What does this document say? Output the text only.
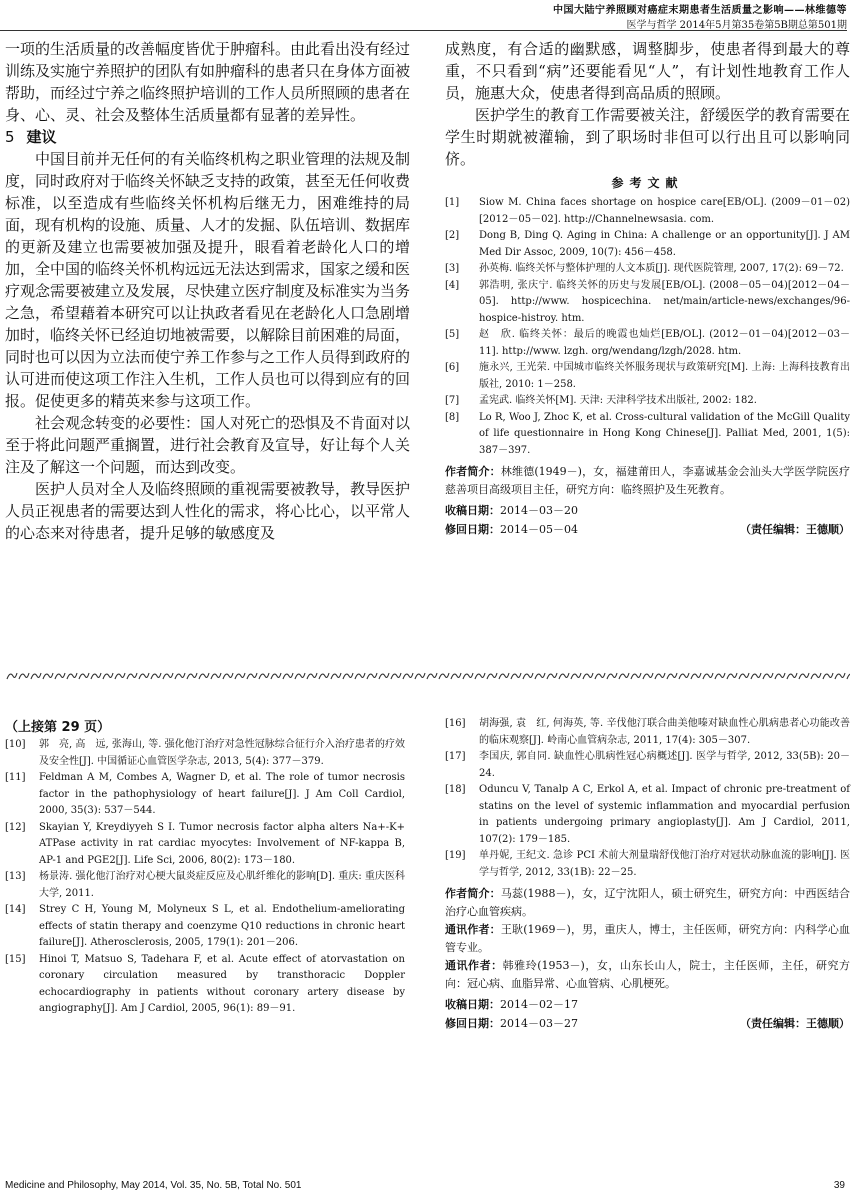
中国大陆宁养照顾对癌症末期患者生活质量之影响——林维德等
医学与哲学 2014年5月第35卷第5B期总第501期

一项的生活质量的改善幅度皆优于肿瘤科。由此看出没有经过训练及实施宁养照护的团队有如肿瘤科的患者只在身体方面被帮助，而经过宁养之临终照护培训的工作人员所照顾的患者在身、心、灵、社会及整体生活质量都有显著的差异性。

5 建议

中国目前并无任何的有关临终机构之职业管理的法规及制度，同时政府对于临终关怀缺乏支持的政策，甚至无任何收费标准，以至造成有些临终关怀机构后继无力，困难维持的局面，现有机构的设施、质量、人才的发掘、队伍培训、数据库的更新及建立也需要被加强及提升，眼看着老龄化人口的增加，全中国的临终关怀机构远远无法达到需求，国家之缓和医疗观念需要被建立及发展，尽快建立医疗制度及标准实为当务之急，希望藉着本研究可以让执政者看见在老龄化人口急剧增加时，临终关怀已经迫切地被需要，以解除目前困难的局面，同时也可以因为立法而使宁养工作参与之工作人员得到政府的认可进而使这项工作注入生机，工作人员也可以得到应有的回报。促使更多的精英来参与这项工作。

社会观念转变的必要性：国人对死亡的恐惧及不肯面对以至于将此问题严重搁置，进行社会教育及宣导，好让每个人关注及了解这一个问题，而达到改变。

医护人员对全人及临终照顾的重视需要被教导，教导医护人员正视患者的需要达到人性化的需求，将心比心，以平常人的心态来对待患者，提升足够的敏感度及

成熟度，有合适的幽默感，调整脚步，使患者得到最大的尊重，不只看到“病”还要能看见“人”，有计划性地教育工作人员，施惠大众，使患者得到高品质的照顾。

医护学生的教育工作需要被关注，舒缓医学的教育需要在学生时期就被灌输，到了职场时非但可以行出且可以影响同侪。

参考文献
[1]	Siow M. China faces shortage on hospice care[EB/OL]. (2009－01－02)[2012－05－02]. http://Channelnewsasia. com.
[2]	Dong B, Ding Q. Aging in China: A challenge or an opportunity[J]. J AM Med Dir Assoc, 2009, 10(7): 456－458.
[3]	孙英梅. 临终关怀与整体护理的人文本质[J]. 现代医院管理, 2007, 17(2): 69－72.
[4]	郭浩明, 张庆宁. 临终关怀的历史与发展[EB/OL]. (2008－05－04)[2012－04－05]. http://www. hospicechina. net/main/article-news/exchanges/96-hospice-histroy. htm.
[5]	赵　欣. 临终关怀：最后的晚霞也灿烂[EB/OL]. (2012－01－04)[2012－03－11]. http://www. lzgh. org/wendang/lzgh/2028. htm.
[6]	施永兴, 王光荣. 中国城市临终关怀服务现状与政策研究[M]. 上海: 上海科技教育出版社, 2010: 1－258.
[7]	孟宪武. 临终关怀[M]. 天津: 天津科学技术出版社, 2002: 182.
[8]	Lo R, Woo J, Zhoc K, et al. Cross-cultural validation of the McGill Quality of life questionnaire in Hong Kong Chinese[J]. Palliat Med, 2001, 1(5): 387－397.
作者简介：林维德(1949－)，女，福建莆田人，李嘉诚基金会汕头大学医学院医疗慈善项目高级项目主任，研究方向：临终照护及生死教育。
收稿日期：2014－03－20
修回日期：2014－05－04	（责任编辑：王德顺）
（上接第 29 页）
[10]	郭　亮, 高　远, 张海山, 等. 强化他汀治疗对急性冠脉综合征行介入治疗患者的疗效及安全性[J]. 中国循证心血管医学杂志, 2013, 5(4): 377－379.
[11]	Feldman A M, Combes A, Wagner D, et al. The role of tumor necrosis factor in the pathophysiology of heart failure[J]. J Am Coll Cardiol, 2000, 35(3): 537－544.
[12]	Skayian Y, Kreydiyyeh S I. Tumor necrosis factor alpha alters Na+-K+ ATPase activity in rat cardiac myocytes: Involvement of NF-kappa B, AP-1 and PGE2[J]. Life Sci, 2006, 80(2): 173－180.
[13]	杨景涛. 强化他汀治疗对心梗大鼠炎症反应及心肌纤维化的影响[D]. 重庆: 重庆医科大学, 2011.
[14]	Strey C H, Young M, Molyneux S L, et al. Endothelium-ameliorating effects of statin therapy and coenzyme Q10 reductions in chronic heart failure[J]. Atherosclerosis, 2005, 179(1): 201－206.
[15]	Hinoi T, Matsuo S, Tadehara F, et al. Acute effect of atorvastation on coronary circulation measured by transthoracic Doppler echocardiography in patients without coronary artery disease by angiography[J]. Am J Cardiol, 2005, 96(1): 89－91.
[16]	胡海强, 袁　红, 何海英, 等. 辛伐他汀联合曲美他嗪对缺血性心肌病患者心功能改善的临床观察[J]. 岭南心血管病杂志, 2011, 17(4): 305－307.
[17]	李国庆, 郭自同. 缺血性心肌病性冠心病概述[J]. 医学与哲学, 2012, 33(5B): 20－24.
[18]	Oduncu V, Tanalp A C, Erkol A, et al. Impact of chronic pre-treatment of statins on the level of systemic inflammation and myocardial perfusion in patients undergoing primary angioplasty[J]. Am J Cardiol, 2011, 107(2): 179－185.
[19]	单丹妮, 王纪文. 急诊 PCI 术前大剂量瑞舒伐他汀治疗对冠状动脉血流的影响[J]. 医学与哲学, 2012, 33(1B): 22－25.
作者简介：马蕊(1988－)，女，辽宁沈阳人，硕士研究生，研究方向：中西医结合治疗心血管疾病。
通讯作者：王耿(1969－)，男，重庆人，博士，主任医师，研究方向：内科学心血管专业。
通讯作者：韩雅玲(1953－)，女，山东长山人，院士，主任医师，主任，研究方向：冠心病、血脂异常、心血管病、心肌梗死。
收稿日期：2014－02－17
修回日期：2014－03－27	（责任编辑：王德顺）
Medicine and Philosophy, May 2014, Vol. 35, No. 5B, Total No. 501	39
